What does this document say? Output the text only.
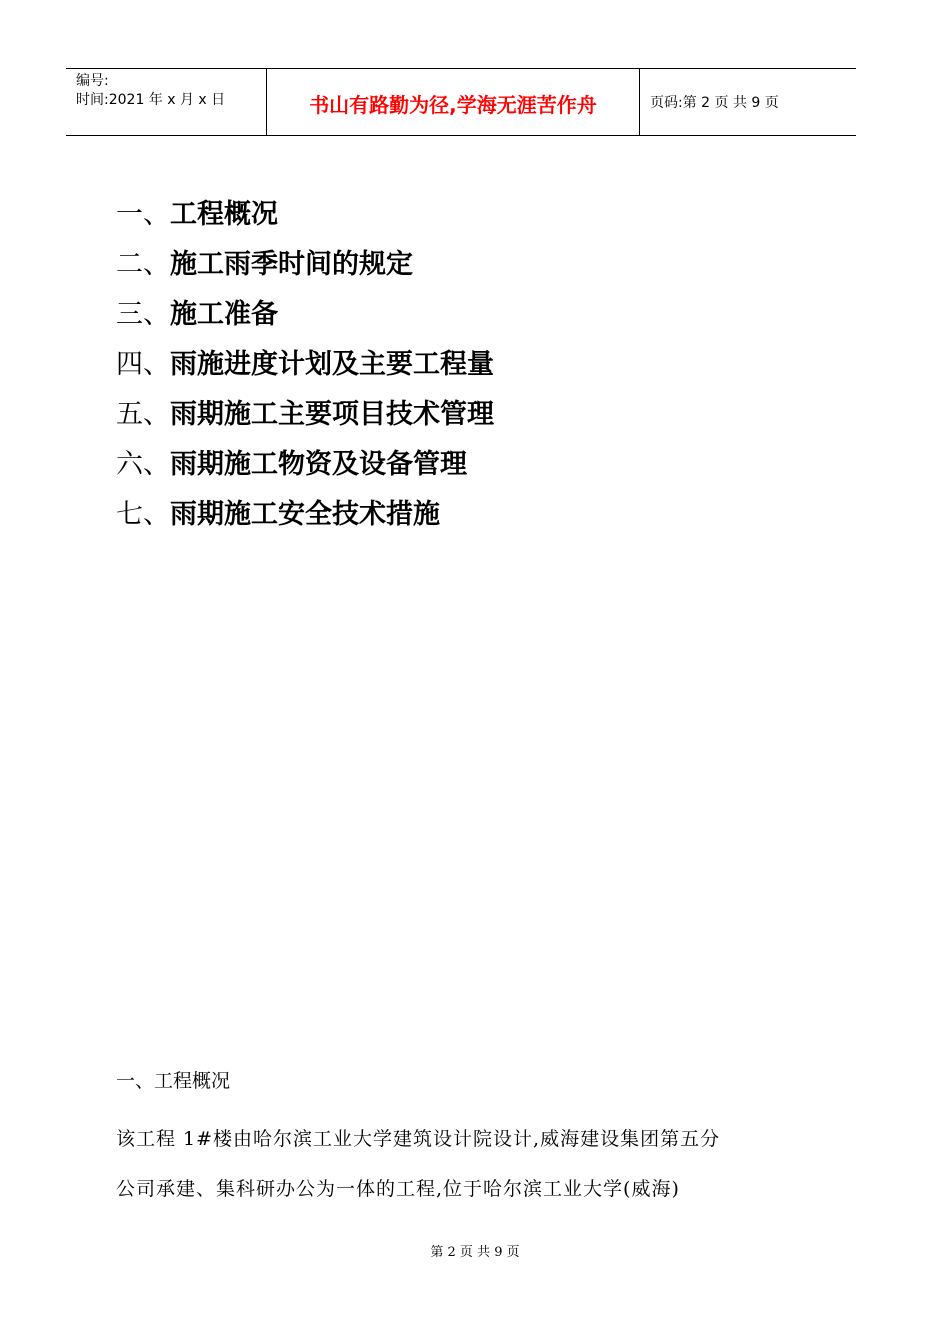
编号:
时间:2021 年 x 月 x 日	书山有路勤为径,学海无涯苦作舟	页码:第 2 页 共 9 页
一、工程概况
二、施工雨季时间的规定
三、施工准备
四、雨施进度计划及主要工程量
五、雨期施工主要项目技术管理
六、雨期施工物资及设备管理
七、雨期施工安全技术措施
一、工程概况
该工程 1#楼由哈尔滨工业大学建筑设计院设计,威海建设集团第五分
公司承建、集科研办公为一体的工程,位于哈尔滨工业大学(威海)
第 2 页 共 9 页
